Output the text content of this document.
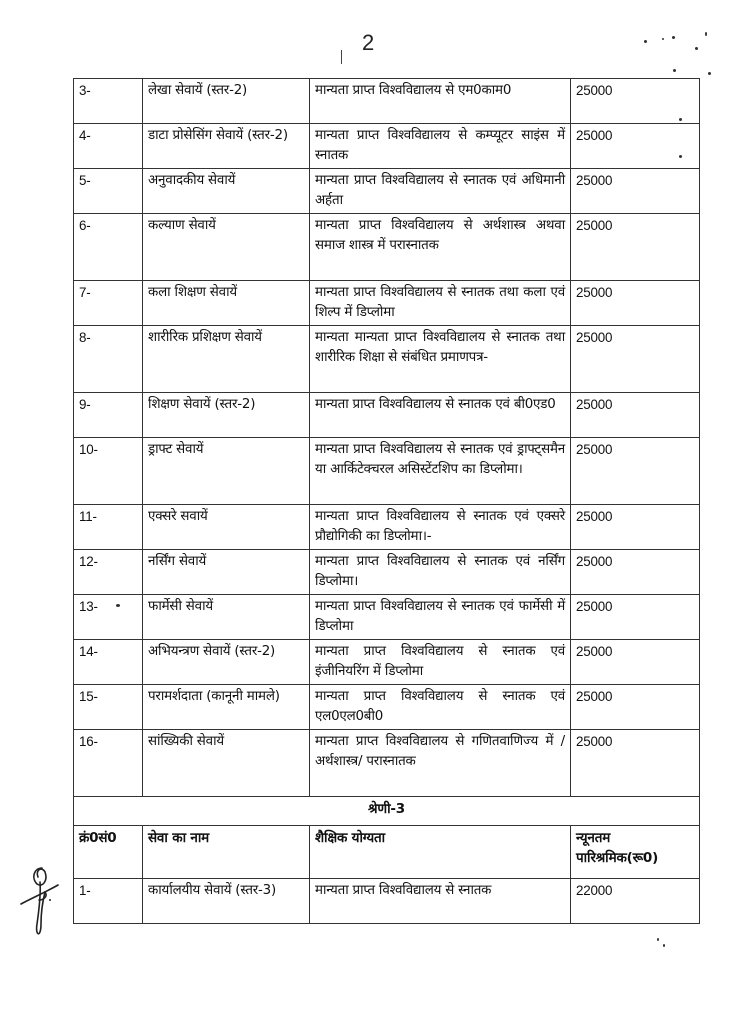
2
3-	लेखा सेवायें (स्तर-2)	मान्यता प्राप्त विश्वविद्यालय से एम0काम0	25000
4-	डाटा प्रोसेसिंग सेवायें (स्तर-2)	मान्यता प्राप्त विश्वविद्यालय से कम्प्यूटर साइंस में स्नातक	25000
5-	अनुवादकीय सेवायें	मान्यता प्राप्त विश्वविद्यालय से स्नातक एवं अधिमानी अर्हता	25000
6-	कल्याण सेवायें	मान्यता प्राप्त विश्वविद्यालय से अर्थशास्त्र अथवा समाज शास्त्र में परास्नातक	25000
7-	कला शिक्षण सेवायें	मान्यता प्राप्त विश्वविद्यालय से स्नातक तथा कला एवं शिल्प में डिप्लोमा	25000
8-	शारीरिक प्रशिक्षण सेवायें	मान्यता मान्यता प्राप्त विश्वविद्यालय से स्नातक तथा शारीरिक शिक्षा से संबंधित प्रमाणपत्र-	25000
9-	शिक्षण सेवायें (स्तर-2)	मान्यता प्राप्त विश्वविद्यालय से स्नातक एवं बी0एड0	25000
10-	ड्राफ्ट सेवायें	मान्यता प्राप्त विश्वविद्यालय से स्नातक एवं ड्राफ्ट्समैन या आर्किटेक्चरल असिस्टेंटशिप का डिप्लोमा।	25000
11-	एक्सरे सवायें	मान्यता प्राप्त विश्वविद्यालय से स्नातक एवं एक्सरे प्रौद्योगिकी का डिप्लोमा।-	25000
12-	नर्सिंग सेवायें	मान्यता प्राप्त विश्वविद्यालय से स्नातक एवं नर्सिंग डिप्लोमा।	25000
13-	फार्मेसी सेवायें	मान्यता प्राप्त विश्वविद्यालय से स्नातक एवं फार्मेसी में डिप्लोमा	25000
14-	अभियन्त्रण सेवायें (स्तर-2)	मान्यता प्राप्त विश्वविद्यालय से स्नातक एवं इंजीनियरिंग में डिप्लोमा	25000
15-	परामर्शदाता (कानूनी मामले)	मान्यता प्राप्त विश्वविद्यालय से स्नातक एवं एल0एल0बी0	25000
16-	सांख्यिकी सेवायें	मान्यता प्राप्त विश्वविद्यालय से गणितवाणिज्य में /अर्थशास्त्र/ परास्नातक	25000
श्रेणी-3			
क्रं0सं0	सेवा का नाम	शैक्षिक योग्यता	न्यूनतम पारिश्रमिक(रू0)
1-	कार्यालयीय सेवायें (स्तर-3)	मान्यता प्राप्त विश्वविद्यालय से स्नातक	22000
